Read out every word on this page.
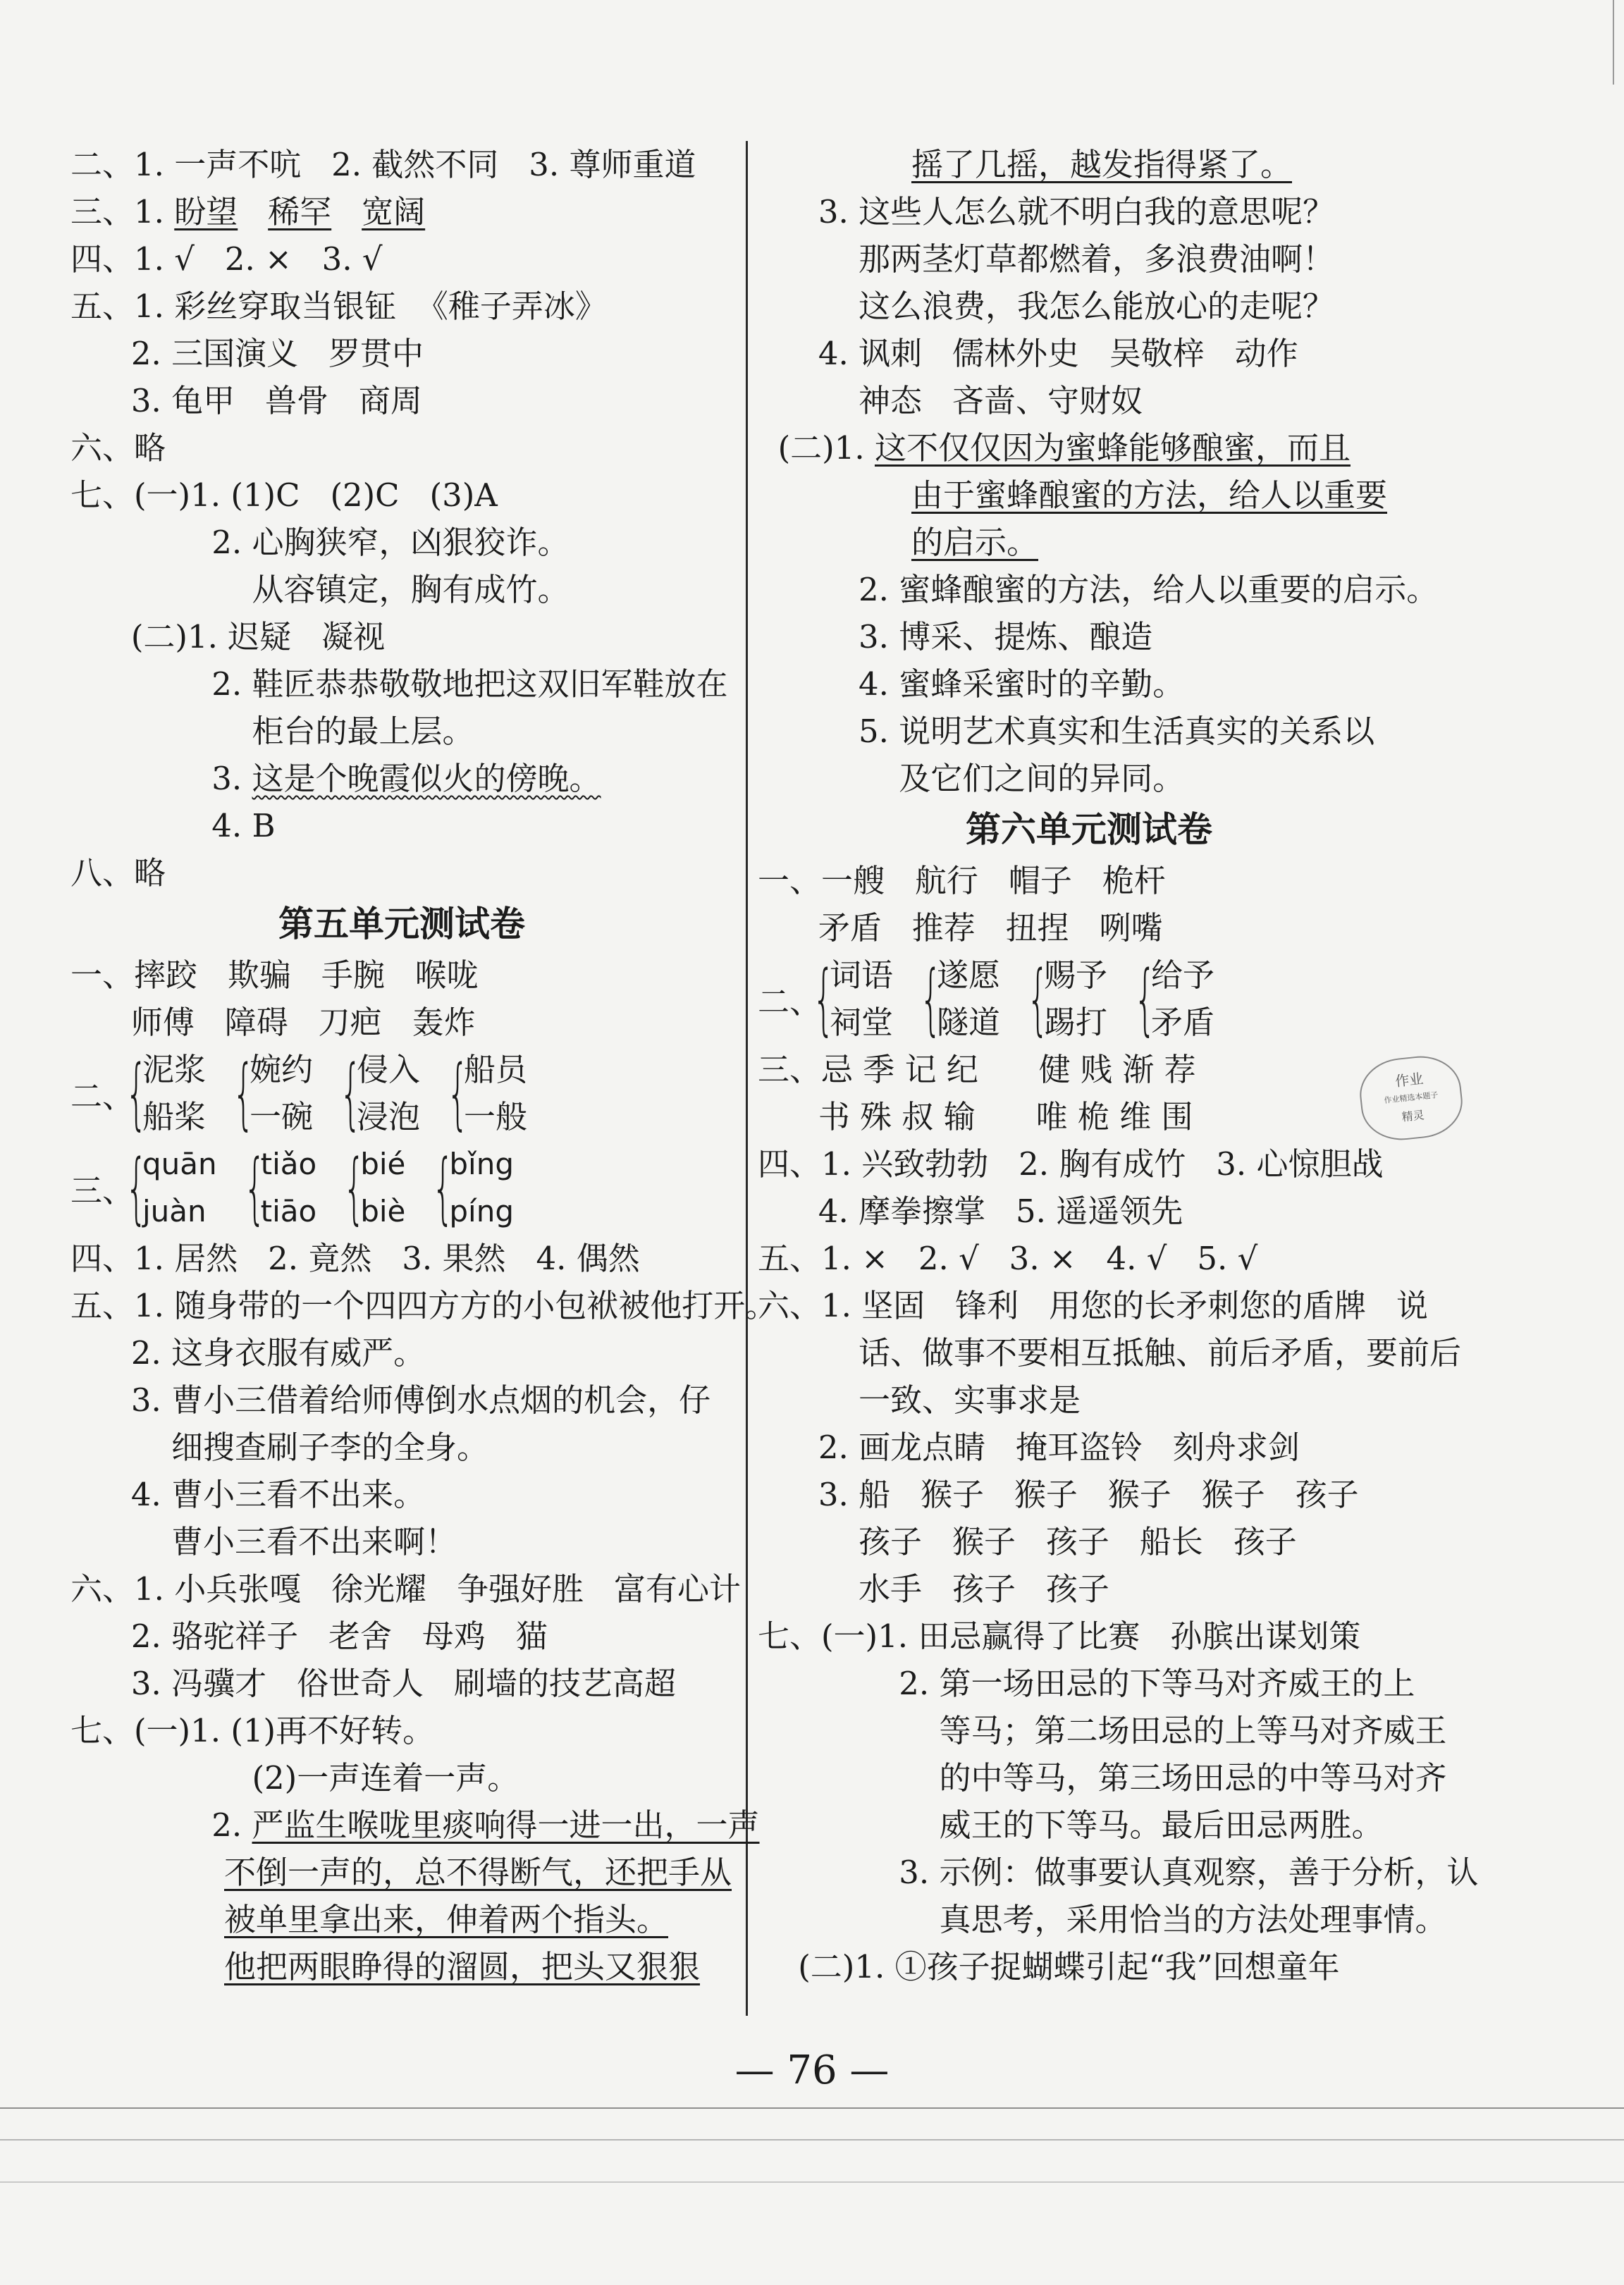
二、1. 一声不吭   2. 截然不同   3. 尊师重道
三、1. 盼望 稀罕 宽阔
四、1. √   2. ×   3. √
五、1. 彩丝穿取当银钲  《稚子弄冰》
2. 三国演义   罗贯中
3. 龟甲   兽骨   商周
六、略
七、(一)1. (1)C   (2)C   (3)A
2. 心胸狭窄，凶狠狡诈。
从容镇定，胸有成竹。
(二)1. 迟疑   凝视
2. 鞋匠恭恭敬敬地把这双旧军鞋放在
柜台的最上层。
3. 这是个晚霞似火的傍晚。
4. B
八、略
第五单元测试卷
一、摔跤   欺骗   手腕   喉咙
师傅   障碍   刀疤   轰炸
二、
{
泥浆
船桨 {
婉约
一碗 {
侵入
浸泡 {
船员
一般
三、
{
quān
juàn {
tiǎo
tiāo {
bié
biè {
bǐng
píng
四、1. 居然   2. 竟然   3. 果然   4. 偶然
五、1. 随身带的一个四四方方的小包袱被他打开。
2. 这身衣服有威严。
3. 曹小三借着给师傅倒水点烟的机会，仔
细搜查刷子李的全身。
4. 曹小三看不出来。
曹小三看不出来啊！
六、1. 小兵张嘎   徐光耀   争强好胜   富有心计
2. 骆驼祥子   老舍   母鸡   猫
3. 冯骥才   俗世奇人   刷墙的技艺高超
七、(一)1. (1)再不好转。
(2)一声连着一声。
2. 严监生喉咙里痰响得一进一出，一声
不倒一声的，总不得断气，还把手从
被单里拿出来，伸着两个指头。
他把两眼睁得的溜圆，把头又狠狠
摇了几摇，越发指得紧了。
3. 这些人怎么就不明白我的意思呢？
那两茎灯草都燃着，多浪费油啊！
这么浪费，我怎么能放心的走呢？
4. 讽刺   儒林外史   吴敬梓   动作
神态   吝啬、守财奴
(二)1. 这不仅仅因为蜜蜂能够酿蜜，而且
由于蜜蜂酿蜜的方法，给人以重要
的启示。
2. 蜜蜂酿蜜的方法，给人以重要的启示。
3. 博采、提炼、酿造
4. 蜜蜂采蜜时的辛勤。
5. 说明艺术真实和生活真实的关系以
及它们之间的异同。
第六单元测试卷
一、一艘   航行   帽子   桅杆
矛盾   推荐   扭捏   咧嘴
二、
{
词语
祠堂 {
遂愿
隧道 {
赐予
踢打 {
给予
矛盾
三、忌 季 记 纪      健 贱 渐 荐
书 殊 叔 输      唯 桅 维 围
四、1. 兴致勃勃   2. 胸有成竹   3. 心惊胆战
4. 摩拳擦掌   5. 遥遥领先
五、1. ×   2. √   3. ×   4. √   5. √
六、1. 坚固   锋利   用您的长矛刺您的盾牌   说
话、做事不要相互抵触、前后矛盾，要前后
一致、实事求是
2. 画龙点睛   掩耳盗铃   刻舟求剑
3. 船   猴子   猴子   猴子   猴子   孩子
孩子   猴子   孩子   船长   孩子
水手   孩子   孩子
七、(一)1. 田忌赢得了比赛   孙膑出谋划策
2. 第一场田忌的下等马对齐威王的上
等马；第二场田忌的上等马对齐威王
的中等马，第三场田忌的中等马对齐
威王的下等马。最后田忌两胜。
3. 示例：做事要认真观察，善于分析，认
真思考，采用恰当的方法处理事情。
(二)1. ①孩子捉蝴蝶引起“我”回想童年
作业
作业精选本题子
精灵
— 76 —
